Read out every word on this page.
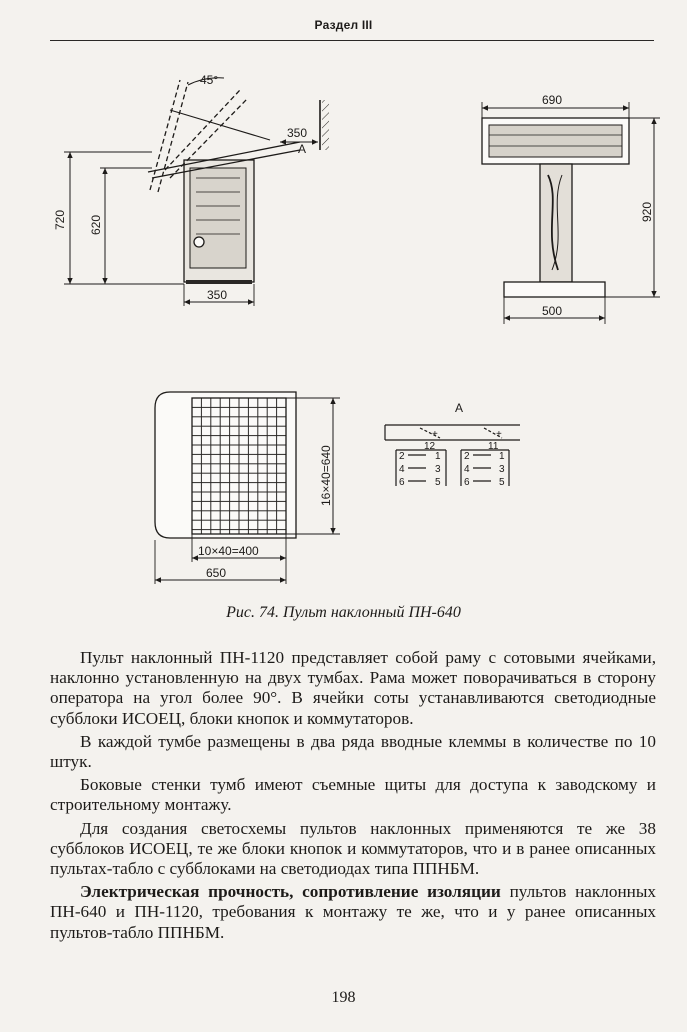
Раздел III
45°
350
А
720 620
350
690
920
500
16×40=640
10×40=400
650
А
+	+
12	11
2	1
4	3
6	5
2	1
4	3
6	5
Рис. 74. Пульт наклонный ПН-640

Пульт наклонный ПН-1120 представляет собой раму с сотовыми ячейками, наклонно установленную на двух тумбах. Рама может поворачиваться в сторону оператора на угол более 90°. В ячейки соты устанавливаются светодиодные субблоки ИСОЕЦ, блоки кнопок и коммутаторов.

В каждой тумбе размещены в два ряда вводные клеммы в количестве по 10 штук.

Боковые стенки тумб имеют съемные щиты для доступа к заводскому и строительному монтажу.

Для создания светосхемы пультов наклонных применяются те же 38 субблоков ИСОЕЦ, те же блоки кнопок и коммутаторов, что и в ранее описанных пультах-табло с субблоками на светодиодах типа ППНБМ.

Электрическая прочность, сопротивление изоляции пультов наклонных ПН-640 и ПН-1120, требования к монтажу те же, что и у ранее описанных пультов-табло ППНБМ.

198
